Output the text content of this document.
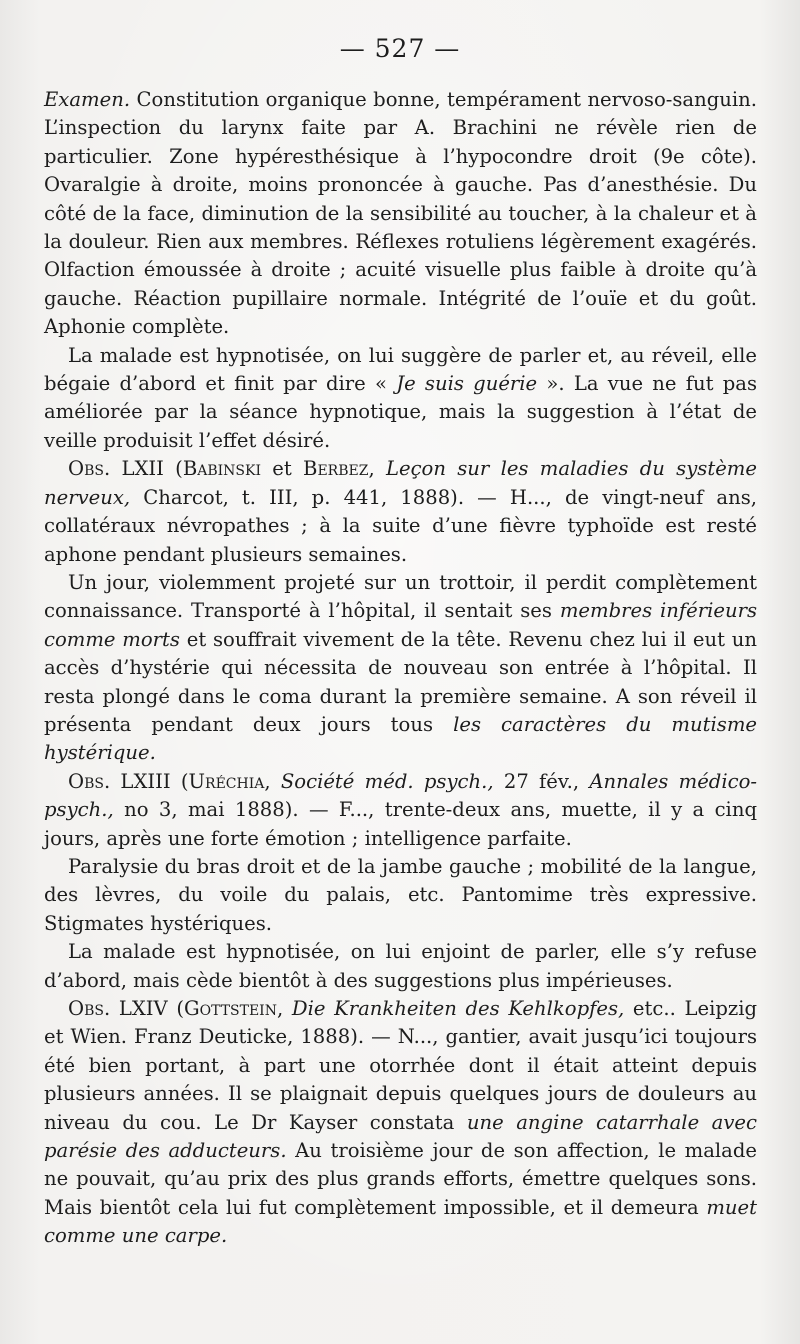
— 527 —

Examen. Constitution organique bonne, tempérament nervoso-sanguin. L’inspection du larynx faite par A. Brachini ne révèle rien de particulier. Zone hypéresthésique à l’hypocondre droit (9e côte). Ovaralgie à droite, moins prononcée à gauche. Pas d’anesthésie. Du côté de la face, diminution de la sensibilité au toucher, à la chaleur et à la douleur. Rien aux membres. Réflexes rotuliens légèrement exagérés. Olfaction émoussée à droite ; acuité visuelle plus faible à droite qu’à gauche. Réaction pupillaire normale. Intégrité de l’ouïe et du goût. Aphonie complète.

La malade est hypnotisée, on lui suggère de parler et, au réveil, elle bégaie d’abord et finit par dire « Je suis guérie ». La vue ne fut pas améliorée par la séance hypnotique, mais la suggestion à l’état de veille produisit l’effet désiré.

Obs. LXII (Babinski et Berbez, Leçon sur les maladies du système nerveux, Charcot, t. III, p. 441, 1888). — H..., de vingt-neuf ans, collatéraux névropathes ; à la suite d’une fièvre typhoïde est resté aphone pendant plusieurs semaines.

Un jour, violemment projeté sur un trottoir, il perdit complètement connaissance. Transporté à l’hôpital, il sentait ses membres inférieurs comme morts et souffrait vivement de la tête. Revenu chez lui il eut un accès d’hystérie qui nécessita de nouveau son entrée à l’hôpital. Il resta plongé dans le coma durant la première semaine. A son réveil il présenta pendant deux jours tous les caractères du mutisme hystérique.

Obs. LXIII (Uréchia, Société méd. psych., 27 fév., Annales médico-psych., no 3, mai 1888). — F..., trente-deux ans, muette, il y a cinq jours, après une forte émotion ; intelligence parfaite.

Paralysie du bras droit et de la jambe gauche ; mobilité de la langue, des lèvres, du voile du palais, etc. Pantomime très expressive. Stigmates hystériques.

La malade est hypnotisée, on lui enjoint de parler, elle s’y refuse d’abord, mais cède bientôt à des suggestions plus impérieuses.

Obs. LXIV (Gottstein, Die Krankheiten des Kehlkopfes, etc.. Leipzig et Wien. Franz Deuticke, 1888). — N..., gantier, avait jusqu’ici toujours été bien portant, à part une otorrhée dont il était atteint depuis plusieurs années. Il se plaignait depuis quelques jours de douleurs au niveau du cou. Le Dr Kayser constata une angine catarrhale avec parésie des adducteurs. Au troisième jour de son affection, le malade ne pouvait, qu’au prix des plus grands efforts, émettre quelques sons. Mais bientôt cela lui fut complètement impossible, et il demeura muet comme une carpe.
